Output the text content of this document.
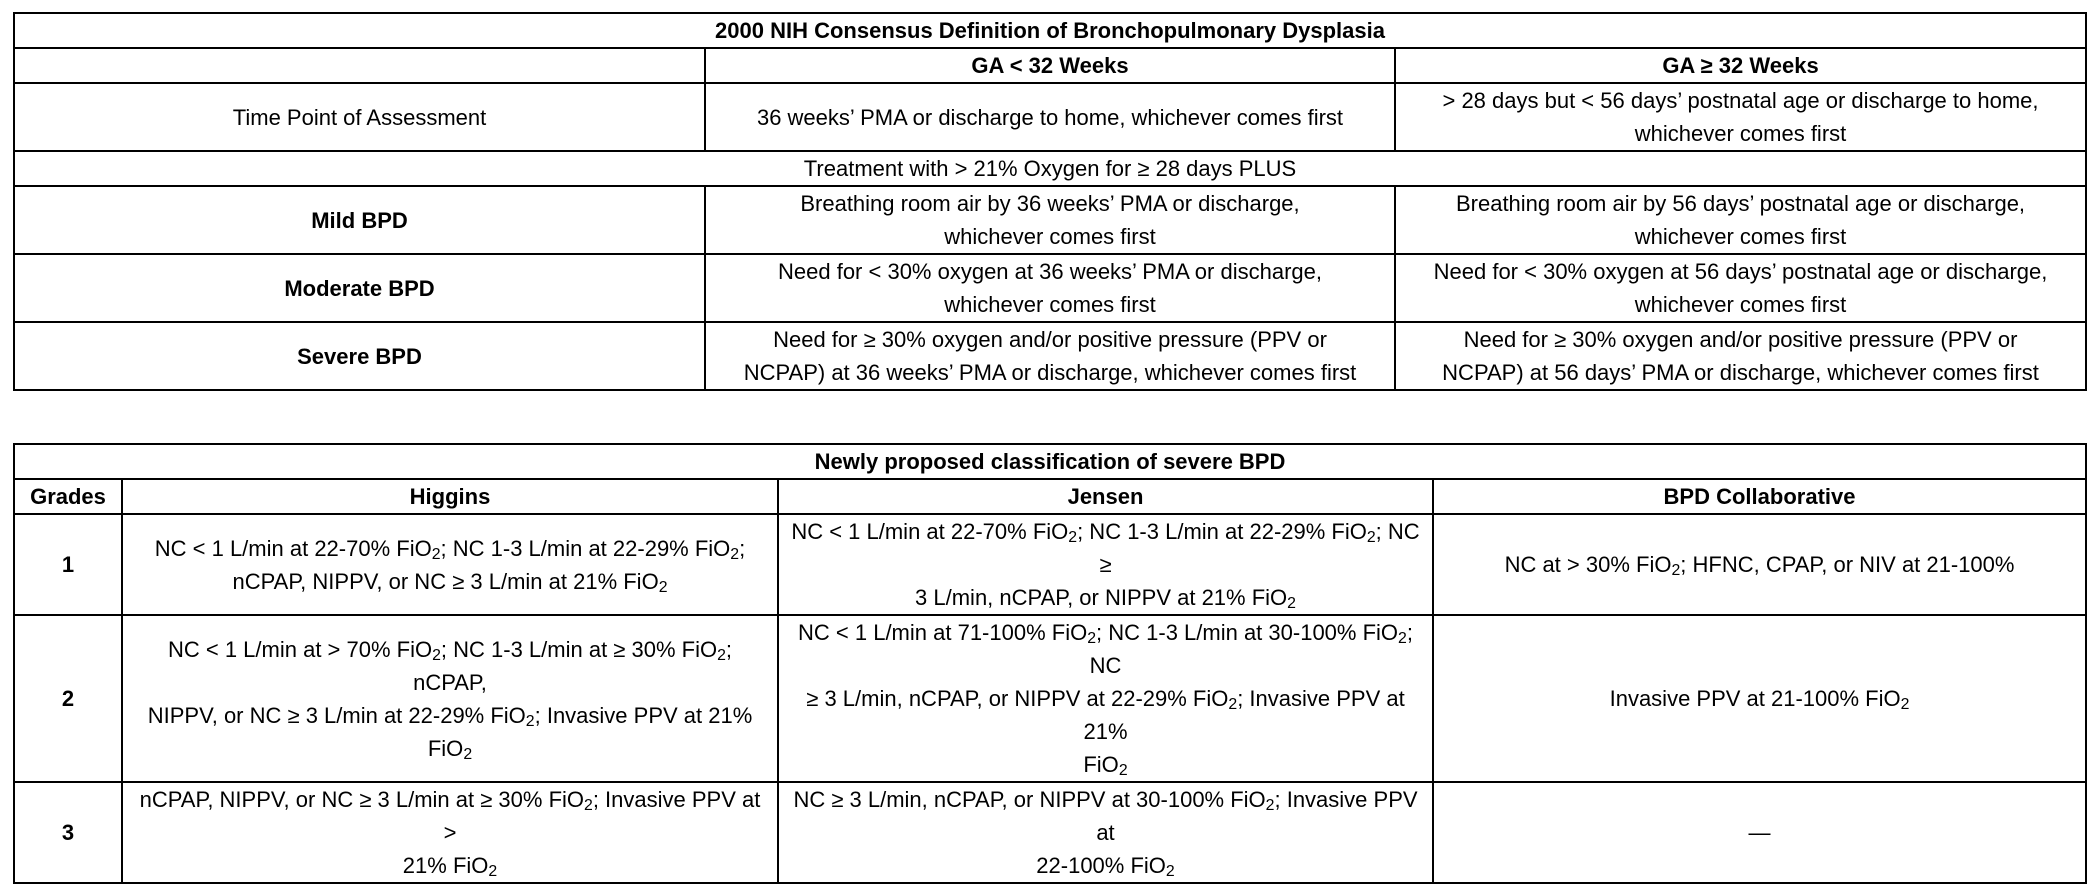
2000 NIH Consensus Definition of Bronchopulmonary Dysplasia		
	GA < 32 Weeks	GA ≥ 32 Weeks
Time Point of Assessment	36 weeks’ PMA or discharge to home, whichever comes first	> 28 days but < 56 days’ postnatal age or discharge to home,
whichever comes first
Treatment with > 21% Oxygen for ≥ 28 days PLUS		
Mild BPD	Breathing room air by 36 weeks’ PMA or discharge,
whichever comes first	Breathing room air by 56 days’ postnatal age or discharge,
whichever comes first
Moderate BPD	Need for < 30% oxygen at 36 weeks’ PMA or discharge,
whichever comes first	Need for < 30% oxygen at 56 days’ postnatal age or discharge,
whichever comes first
Severe BPD	Need for ≥ 30% oxygen and/or positive pressure (PPV or
NCPAP) at 36 weeks’ PMA or discharge, whichever comes first	Need for ≥ 30% oxygen and/or positive pressure (PPV or
NCPAP) at 56 days’ PMA or discharge, whichever comes first
Newly proposed classification of severe BPD			
Grades	Higgins	Jensen	BPD Collaborative
1	NC < 1 L/min at 22-70% FiO$_2$; NC 1-3 L/min at 22-29% FiO$_2$;
nCPAP, NIPPV, or NC ≥ 3 L/min at 21% FiO$_2$	NC < 1 L/min at 22-70% FiO$_2$; NC 1-3 L/min at 22-29% FiO$_2$; NC ≥
3 L/min, nCPAP, or NIPPV at 21% FiO$_2$	NC at > 30% FiO$_2$; HFNC, CPAP, or NIV at 21-100%
2	NC < 1 L/min at > 70% FiO$_2$; NC 1-3 L/min at ≥ 30% FiO$_2$; nCPAP,
NIPPV, or NC ≥ 3 L/min at 22-29% FiO$_2$; Invasive PPV at 21% FiO$_2$	NC < 1 L/min at 71-100% FiO$_2$; NC 1-3 L/min at 30-100% FiO$_2$; NC
≥ 3 L/min, nCPAP, or NIPPV at 22-29% FiO$_2$; Invasive PPV at 21%
FiO$_2$	Invasive PPV at 21-100% FiO$_2$
3	nCPAP, NIPPV, or NC ≥ 3 L/min at ≥ 30% FiO$_2$; Invasive PPV at >
21% FiO$_2$	NC ≥ 3 L/min, nCPAP, or NIPPV at 30-100% FiO$_2$; Invasive PPV at
22-100% FiO$_2$	—
